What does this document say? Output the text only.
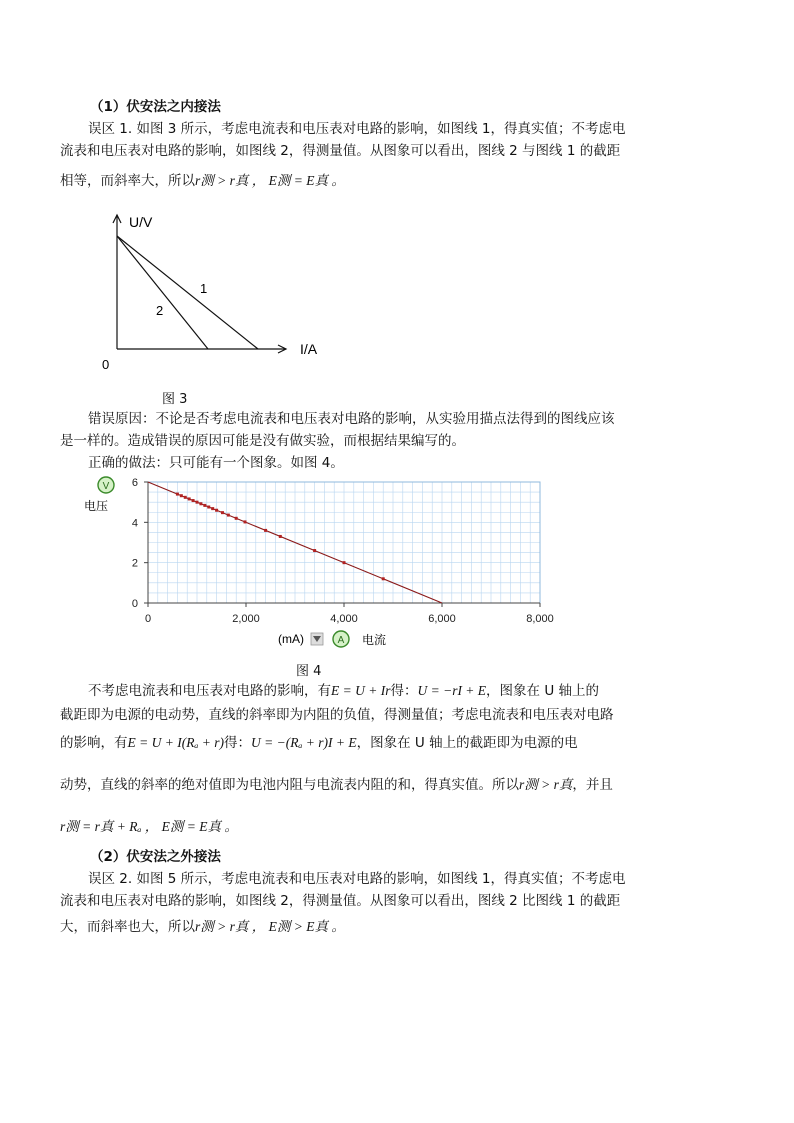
（1）伏安法之内接法
误区 1. 如图 3 所示，考虑电流表和电压表对电路的影响，如图线 1，得真实值；不考虑电
流表和电压表对电路的影响，如图线 2，得测量值。从图象可以看出，图线 2 与图线 1 的截距
相等，而斜率大，所以r测 > r真 ， E测 = E真 。
U/V
I/A
0
1
2
图 3
错误原因：不论是否考虑电流表和电压表对电路的影响，从实验用描点法得到的图线应该
是一样的。造成错误的原因可能是没有做实验，而根据结果编写的。
正确的做法：只可能有一个图象。如图 4。
V
电压
0	2,000	4,000	6,000	8,000
0
2
4
6
(mA)	A 电流
图 4
不考虑电流表和电压表对电路的影响，有E = U + Ir得：U = −rI + E，图象在 U 轴上的
截距即为电源的电动势，直线的斜率即为内阻的负值，得测量值；考虑电流表和电压表对电路
的影响，有E = U + I(Rₐ + r)得：U = −(Rₐ + r)I + E，图象在 U 轴上的截距即为电源的电
动势，直线的斜率的绝对值即为电池内阻与电流表内阻的和，得真实值。所以r测 > r真，并且
r测 = r真 + Rₐ ， E测 = E真 。
（2）伏安法之外接法
误区 2. 如图 5 所示，考虑电流表和电压表对电路的影响，如图线 1，得真实值；不考虑电
流表和电压表对电路的影响，如图线 2，得测量值。从图象可以看出，图线 2 比图线 1 的截距
大，而斜率也大，所以r测 > r真 ， E测 > E真 。
